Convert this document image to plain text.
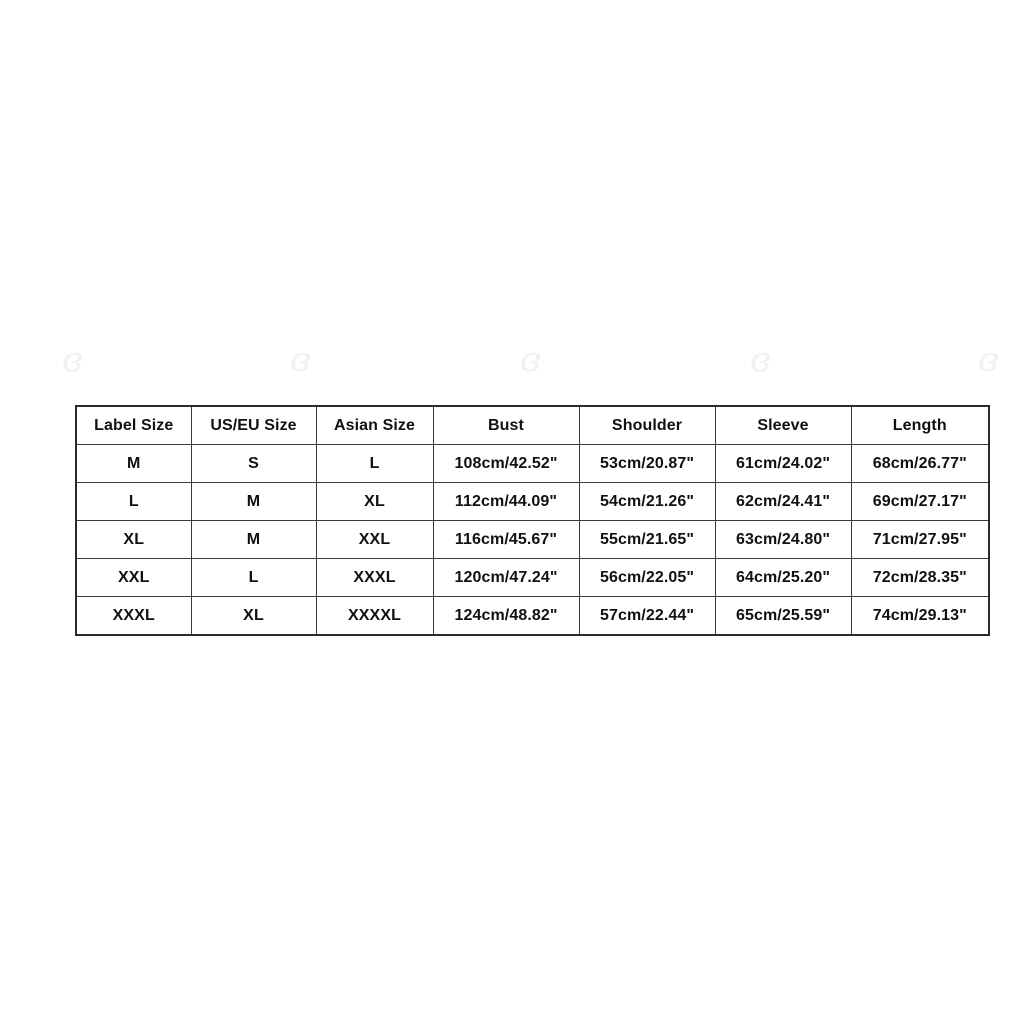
ɞ	ɞ	ɞ	ɞ	ɞ
Label Size	US/EU Size	Asian Size	Bust	Shoulder	Sleeve	Length
M	S	L	108cm/42.52"	53cm/20.87"	61cm/24.02"	68cm/26.77"
L	M	XL	112cm/44.09"	54cm/21.26"	62cm/24.41"	69cm/27.17"
XL	M	XXL	116cm/45.67"	55cm/21.65"	63cm/24.80"	71cm/27.95"
XXL	L	XXXL	120cm/47.24"	56cm/22.05"	64cm/25.20"	72cm/28.35"
XXXL	XL	XXXXL	124cm/48.82"	57cm/22.44"	65cm/25.59"	74cm/29.13"
